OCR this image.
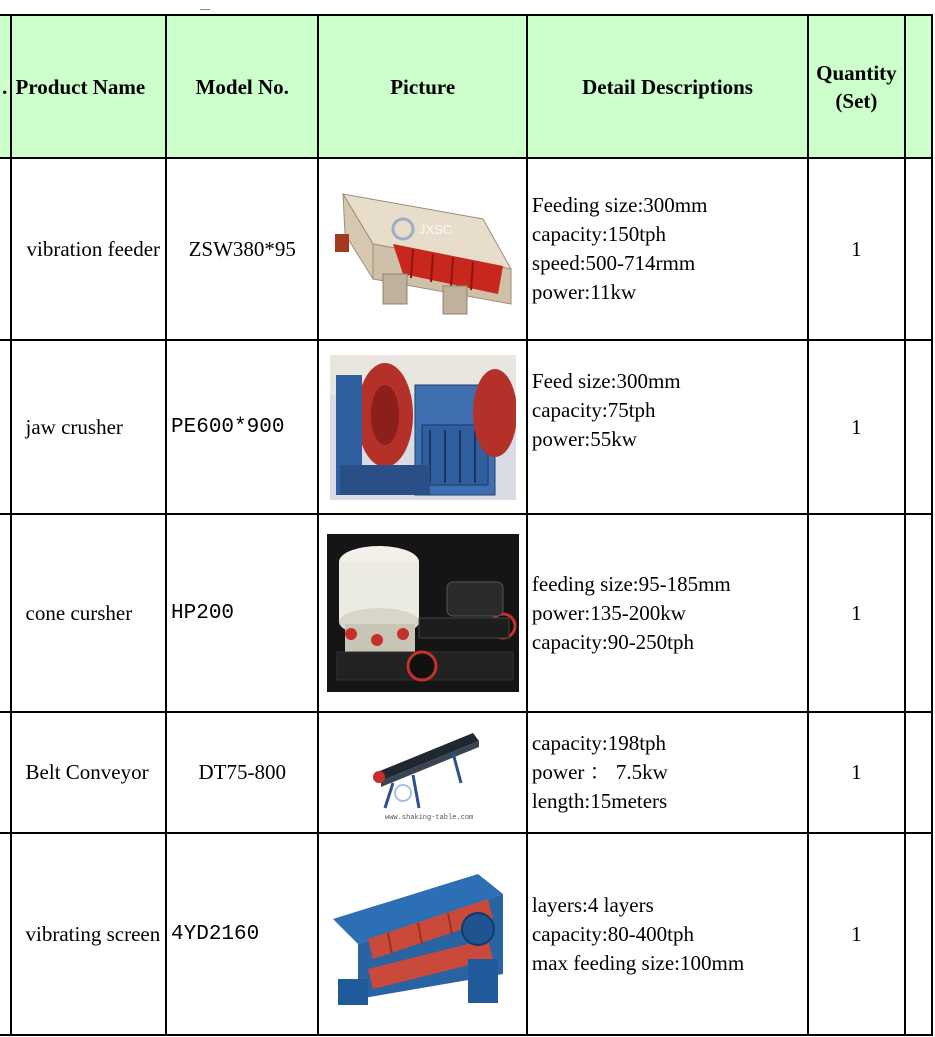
.	Product Name	Model No.	Picture	Detail Descriptions	Quantity (Set)	
	vibration feeder	ZSW380*95	JXSC	Feeding size:300mm
capacity:150tph
speed:500-714rmm
power:11kw	1	
	jaw crusher	PE600*900		Feed size:300mm
capacity:75tph
power:55kw	1	
	cone cursher	HP200		feeding size:95-185mm
power:135-200kw
capacity:90-250tph	1	
	Belt Conveyor	DT75-800	www.shaking-table.com	capacity:198tph
power ： 7.5kw
length:15meters	1	
	vibrating screen	4YD2160		layers:4 layers
capacity:80-400tph
max feeding size:100mm	1	
